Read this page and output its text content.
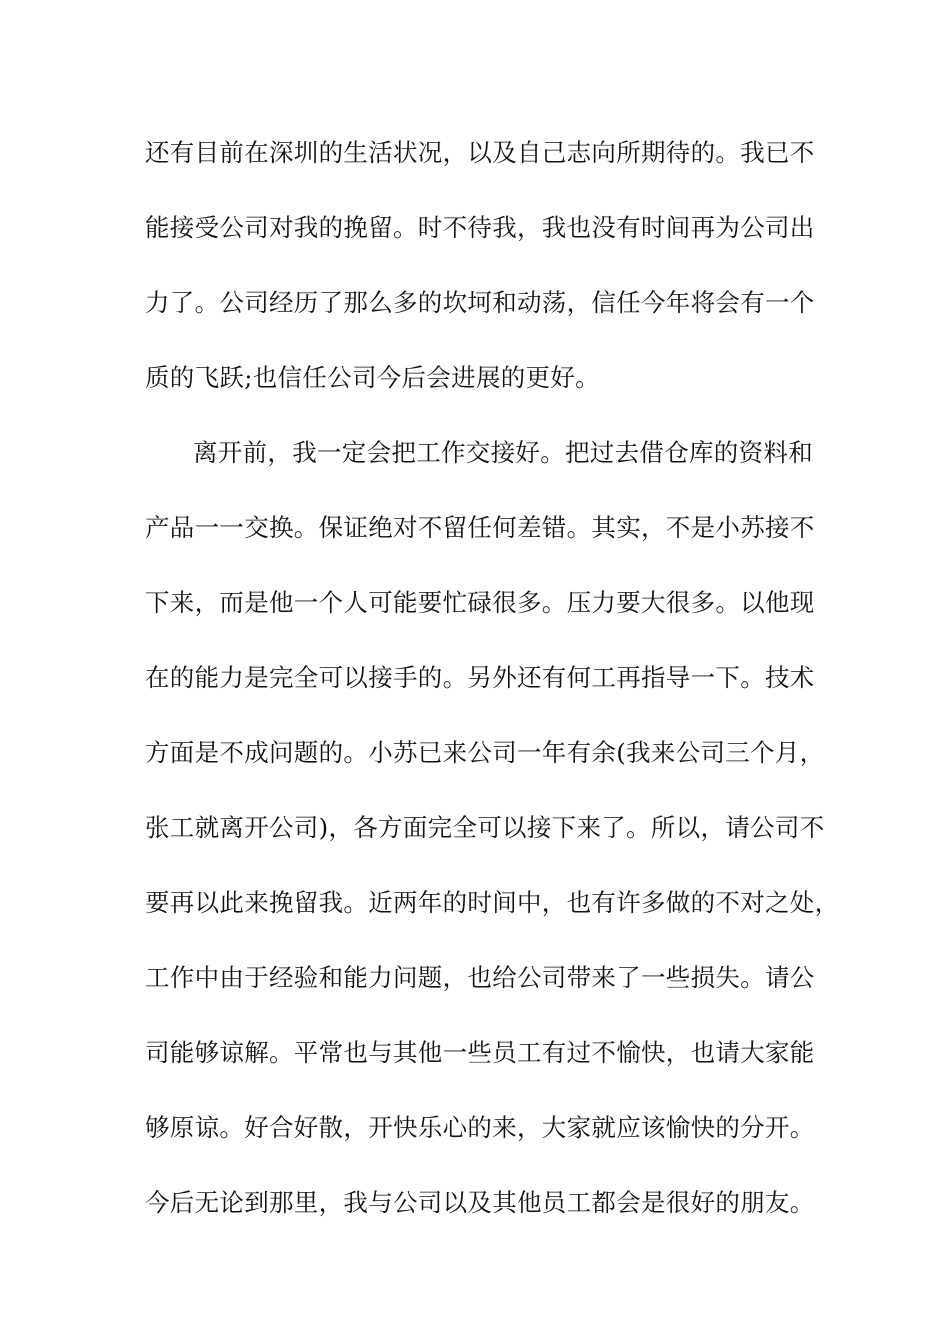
还有目前在深圳的生活状况，以及自己志向所期待的。我已不
能接受公司对我的挽留。时不待我，我也没有时间再为公司出
力了。公司经历了那么多的坎坷和动荡，信任今年将会有一个
质的飞跃;也信任公司今后会进展的更好。
离开前，我一定会把工作交接好。把过去借仓库的资料和
产品一一交换。保证绝对不留任何差错。其实，不是小苏接不
下来，而是他一个人可能要忙碌很多。压力要大很多。以他现
在的能力是完全可以接手的。另外还有何工再指导一下。技术
方面是不成问题的。小苏已来公司一年有余(我来公司三个月，
张工就离开公司)，各方面完全可以接下来了。所以，请公司不
要再以此来挽留我。近两年的时间中，也有许多做的不对之处，
工作中由于经验和能力问题，也给公司带来了一些损失。请公
司能够谅解。平常也与其他一些员工有过不愉快，也请大家能
够原谅。好合好散，开快乐心的来，大家就应该愉快的分开。
今后无论到那里，我与公司以及其他员工都会是很好的朋友。
